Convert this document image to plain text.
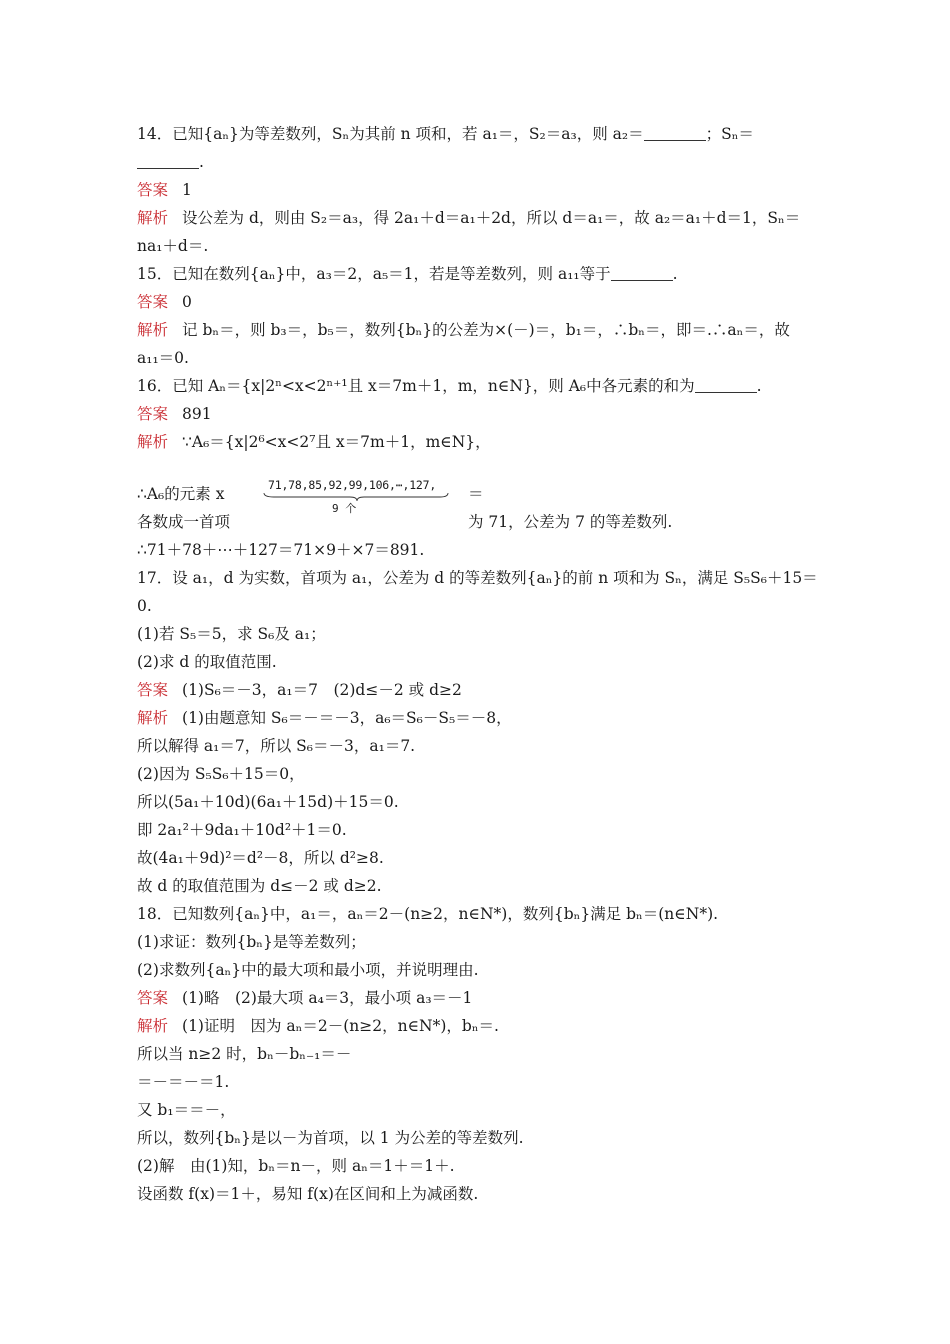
14．已知{aₙ}为等差数列，Sₙ为其前 n 项和，若 a₁＝，S₂＝a₃，则 a₂＝	；Sₙ＝
.
答案 1
解析 设公差为 d，则由 S₂＝a₃，得 2a₁＋d＝a₁＋2d，所以 d＝a₁＝，故 a₂＝a₁＋d＝1，Sₙ＝
na₁＋d＝.
15．已知在数列{aₙ}中，a₃＝2，a₅＝1，若是等差数列，则 a₁₁等于	.
答案 0
解析 记 bₙ＝，则 b₃＝，b₅＝，数列{bₙ}的公差为×(－)＝，b₁＝，∴bₙ＝，即＝.∴aₙ＝，故
a₁₁＝0.
16．已知 Aₙ＝{x|2ⁿ<x<2ⁿ⁺¹且 x＝7m＋1，m，n∈N}，则 A₆中各元素的和为	.
答案 891
解析 ∵A₆＝{x|2⁶<x<2⁷且 x＝7m＋1，m∈N}，
∴A₆的元素 x
各数成一首项
71,78,85,92,99,106,⋯,127,
9 个
＝
为 71，公差为 7 的等差数列.
∴71＋78＋⋯＋127＝71×9＋×7＝891.
17．设 a₁，d 为实数，首项为 a₁，公差为 d 的等差数列{aₙ}的前 n 项和为 Sₙ，满足 S₅S₆＋15＝
0.
(1)若 S₅＝5，求 S₆及 a₁；
(2)求 d 的取值范围.
答案 (1)S₆＝－3，a₁＝7　(2)d≤－2 或 d≥2
解析 (1)由题意知 S₆＝－＝－3，a₆＝S₆－S₅＝－8，
所以解得 a₁＝7，所以 S₆＝－3，a₁＝7.
(2)因为 S₅S₆＋15＝0，
所以(5a₁＋10d)(6a₁＋15d)＋15＝0.
即 2a₁²＋9da₁＋10d²＋1＝0.
故(4a₁＋9d)²＝d²－8，所以 d²≥8.
故 d 的取值范围为 d≤－2 或 d≥2.
18．已知数列{aₙ}中，a₁＝，aₙ＝2－(n≥2，n∈N*)，数列{bₙ}满足 bₙ＝(n∈N*).
(1)求证：数列{bₙ}是等差数列；
(2)求数列{aₙ}中的最大项和最小项，并说明理由.
答案 (1)略　(2)最大项 a₄＝3，最小项 a₃＝－1
解析 (1)证明　因为 aₙ＝2－(n≥2，n∈N*)，bₙ＝.
所以当 n≥2 时，bₙ－bₙ₋₁＝－
＝－＝－＝1.
又 b₁＝＝－，
所以，数列{bₙ}是以－为首项，以 1 为公差的等差数列.
(2)解　由(1)知，bₙ＝n－，则 aₙ＝1＋＝1＋.
设函数 f(x)＝1＋，易知 f(x)在区间和上为减函数.
